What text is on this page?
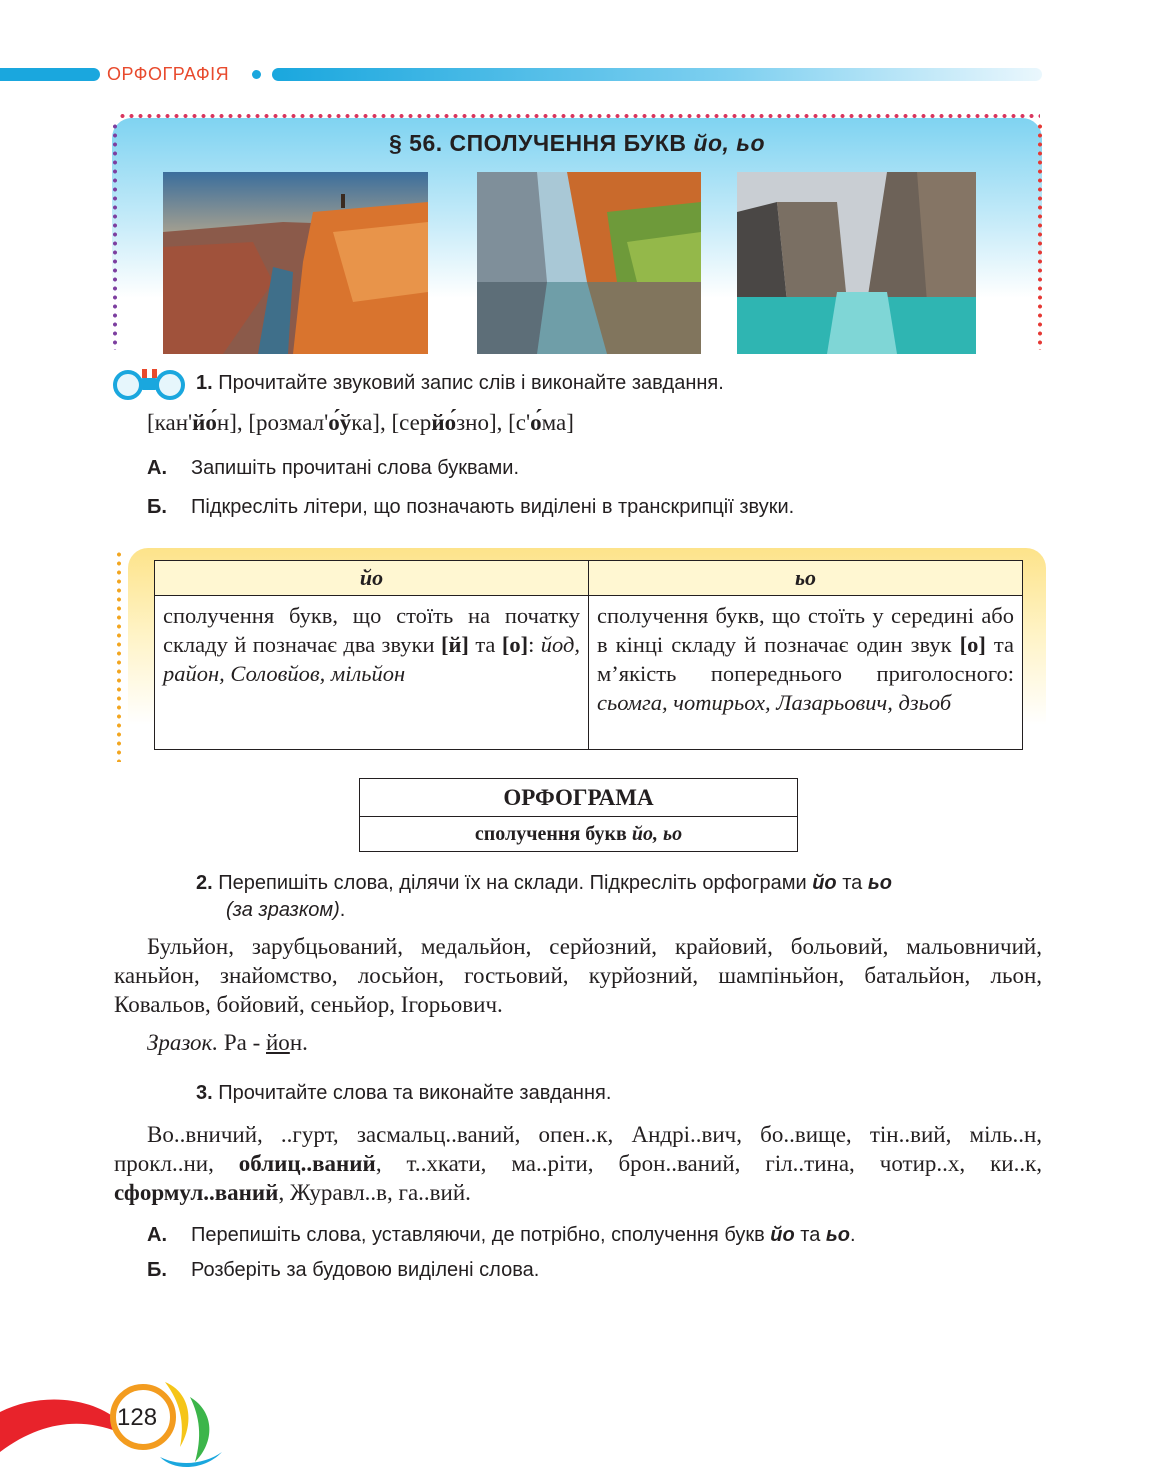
ОРФОГРАФІЯ
§ 56. СПОЛУЧЕННЯ БУКВ йо, ьо
1. Прочитайте звуковий запис слів і виконайте завдання.
[кан'йо́н], [розмал'о́ўка], [серйо́зно], [с'о́ма]
А. Запишіть прочитані слова буквами.
Б. Підкресліть літери, що позначають виділені в транскрипції звуки.
йо	ьо
сполучення букв, що стоїть на початку складу й позначає два звуки [й] та [о]: йод, район, Соловйов, мільйон	сполучення букв, що стоїть у середині або в кінці складу й позначає один звук [о] та м’якість попереднього приголосного: сьомга, чотирьох, Лазарьович, дзьоб
ОРФОГРАМА
сполучення букв йо, ьо
2. Перепишіть слова, ділячи їх на склади. Підкресліть орфограми йо та ьо
(за зразком).
Бульйон, зарубцьований, медальйон, серйозний, крайовий, больовий, мальовничий, каньйон, знайомство, лосьйон, гостьовий, курйозний, шампіньйон, батальйон, льон, Ковальов, бойовий, сеньйор, Ігорьович.
Зразок. Ра - йон.
3. Прочитайте слова та виконайте завдання.
Во..вничий, ..гурт, засмальц..ваний, опен..к, Андрі..вич, бо..вище, тін..вий, міль..н, прокл..ни, облиц..ваний, т..хкати, ма..ріти, брон..ваний, гіл..тина, чотир..х, ки..к, сформул..ваний, Журавл..в, га..вий.
А. Перепишіть слова, уставляючи, де потрібно, сполучення букв йо та ьо.
Б. Розберіть за будовою виділені слова.
128
